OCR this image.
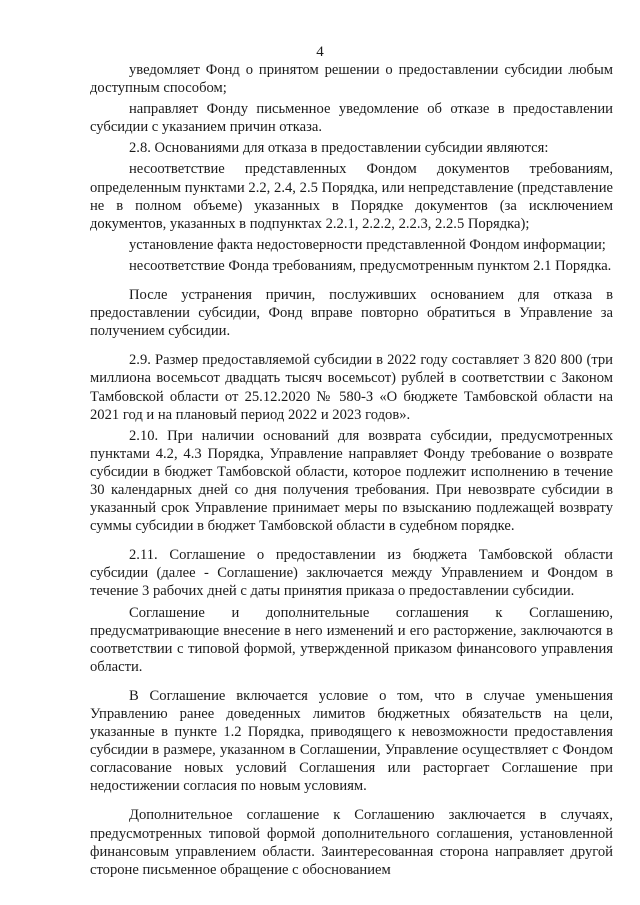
4

уведомляет Фонд о принятом решении о предоставлении субсидии любым доступным способом;

направляет Фонду письменное уведомление об отказе в предоставлении субсидии с указанием причин отказа.

2.8. Основаниями для отказа в предоставлении субсидии являются:

несоответствие представленных Фондом документов требованиям, определенным пунктами 2.2, 2.4, 2.5 Порядка, или непредставление (представление не в полном объеме) указанных в Порядке документов (за исключением документов, указанных в подпунктах 2.2.1, 2.2.2, 2.2.3, 2.2.5 Порядка);

установление факта недостоверности представленной Фондом информации;

несоответствие Фонда требованиям, предусмотренным пунктом 2.1 Порядка.

После устранения причин, послуживших основанием для отказа в предоставлении субсидии, Фонд вправе повторно обратиться в Управление за получением субсидии.

2.9. Размер предоставляемой субсидии в 2022 году составляет 3 820 800 (три миллиона восемьсот двадцать тысяч восемьсот) рублей в соответствии с Законом Тамбовской области от 25.12.2020 № 580-З «О бюджете Тамбовской области на 2021 год и на плановый период 2022 и 2023 годов».

2.10. При наличии оснований для возврата субсидии, предусмотренных пунктами 4.2, 4.3 Порядка, Управление направляет Фонду требование о возврате субсидии в бюджет Тамбовской области, которое подлежит исполнению в течение 30 календарных дней со дня получения требования. При невозврате субсидии в указанный срок Управление принимает меры по взысканию подлежащей возврату суммы субсидии в бюджет Тамбовской области в судебном порядке.

2.11. Соглашение о предоставлении из бюджета Тамбовской области субсидии (далее - Соглашение) заключается между Управлением и Фондом в течение 3 рабочих дней с даты принятия приказа о предоставлении субсидии.

Соглашение и дополнительные соглашения к Соглашению, предусматривающие внесение в него изменений и его расторжение, заключаются в соответствии с типовой формой, утвержденной приказом финансового управления области.

В Соглашение включается условие о том, что в случае уменьшения Управлению ранее доведенных лимитов бюджетных обязательств на цели, указанные в пункте 1.2 Порядка, приводящего к невозможности предоставления субсидии в размере, указанном в Соглашении, Управление осуществляет с Фондом согласование новых условий Соглашения или расторгает Соглашение при недостижении согласия по новым условиям.

Дополнительное соглашение к Соглашению заключается в случаях, предусмотренных типовой формой дополнительного соглашения, установленной финансовым управлением области. Заинтересованная сторона направляет другой стороне письменное обращение с обоснованием
